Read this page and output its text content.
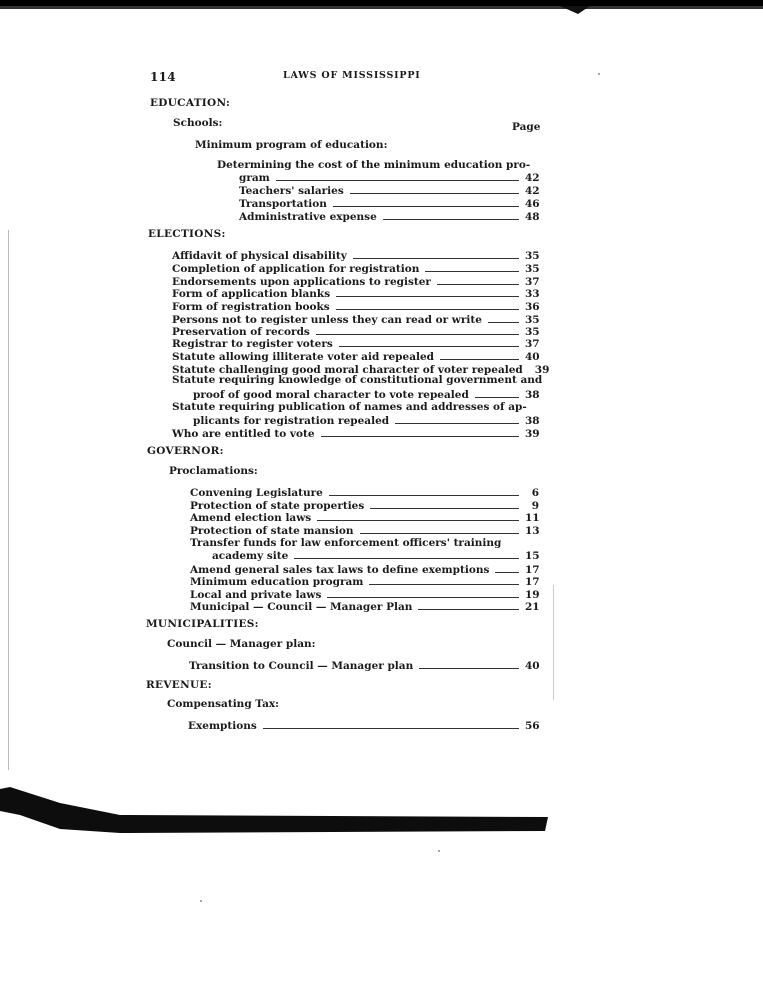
114	LAWS OF MISSISSIPPI
EDUCATION:
Schools:	Page
Minimum program of education:
Determining the cost of the minimum education pro-
gram	42
Teachers' salaries	42
Transportation	46
Administrative expense	48
ELECTIONS:
Affidavit of physical disability	35
Completion of application for registration	35
Endorsements upon applications to register	37
Form of application blanks	33
Form of registration books	36
Persons not to register unless they can read or write	35
Preservation of records	35
Registrar to register voters	37
Statute allowing illiterate voter aid repealed	40
Statute challenging good moral character of voter repealed 39
Statute requiring knowledge of constitutional government and
proof of good moral character to vote repealed	38
Statute requiring publication of names and addresses of ap-
plicants for registration repealed	38
Who are entitled to vote	39
GOVERNOR:
Proclamations:
Convening Legislature	6
Protection of state properties	9
Amend election laws	11
Protection of state mansion	13
Transfer funds for law enforcement officers' training
academy site	15
Amend general sales tax laws to define exemptions	17
Minimum education program	17
Local and private laws	19
Municipal — Council — Manager Plan	21
MUNICIPALITIES:
Council — Manager plan:
Transition to Council — Manager plan	40
REVENUE:
Compensating Tax:
Exemptions	56
